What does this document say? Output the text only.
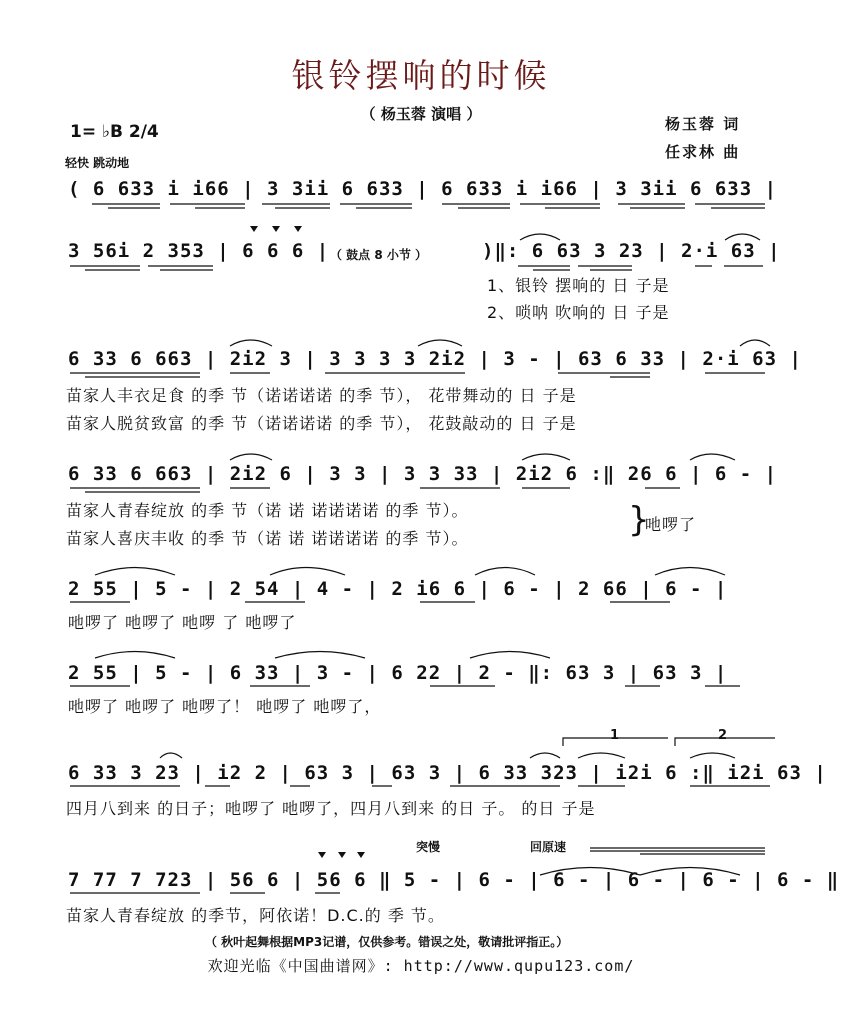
银铃摆响的时候
（ 杨玉蓉 演唱 ）
杨玉蓉 词
任求林 曲
1= ♭B 2/4
轻快 跳动地
( 6 633 i i66 | 3 3ii 6 633 | 6 633 i i66 | 3 3ii 6 633 |
3 56i 2 353 | 6 6 6 | （ 鼓点 8 小节 ）	)‖: 6 63 3 23 | 2·i 63 |
1、银铃 摆响的 日 子是
2、唢呐 吹响的 日 子是
6 33 6 663 | 2i2 3 | 3 3 3 3 2i2 | 3 - | 63 6 33 | 2·i 63 |
苗家人丰衣足食 的季 节（诺诺诺诺 的季 节）， 花带舞动的 日 子是
苗家人脱贫致富 的季 节（诺诺诺诺 的季 节）， 花鼓敲动的 日 子是
6 33 6 663 | 2i2 6 | 3 3 | 3 3 33 | 2i2 6 :‖ 26 6 | 6 - |
苗家人青春绽放 的季 节（诺 诺 诺诺诺诺 的季 节）。
苗家人喜庆丰收 的季 节（诺 诺 诺诺诺诺 的季 节）。	}
吔啰了
2 55 | 5 - | 2 54 | 4 - | 2 i6 6 | 6 - | 2 66 | 6 - |
吔啰了 吔啰了 吔啰 了 吔啰了
2 55 | 5 - | 6 33 | 3 - | 6 22 | 2 - ‖: 63 3 | 63 3 |
吔啰了 吔啰了 吔啰了！ 吔啰了 吔啰了，
1	2
6 33 3 23 | i2 2 | 63 3 | 63 3 | 6 33 323 | i2i 6 :‖ i2i 63 |
四月八到来 的日子；吔啰了 吔啰了，四月八到来 的日 子。 的日 子是
突慢	回原速
7 77 7 723 | 56 6 | 56 6 ‖ 5 - | 6 - | 6 - | 6 - | 6 - | 6 - ‖
苗家人青春绽放 的季节，阿依诺！D.C.的 季 节。
（ 秋叶起舞根据MP3记谱，仅供参考。错误之处，敬请批评指正。）
欢迎光临《中国曲谱网》: http://www.qupu123.com/
